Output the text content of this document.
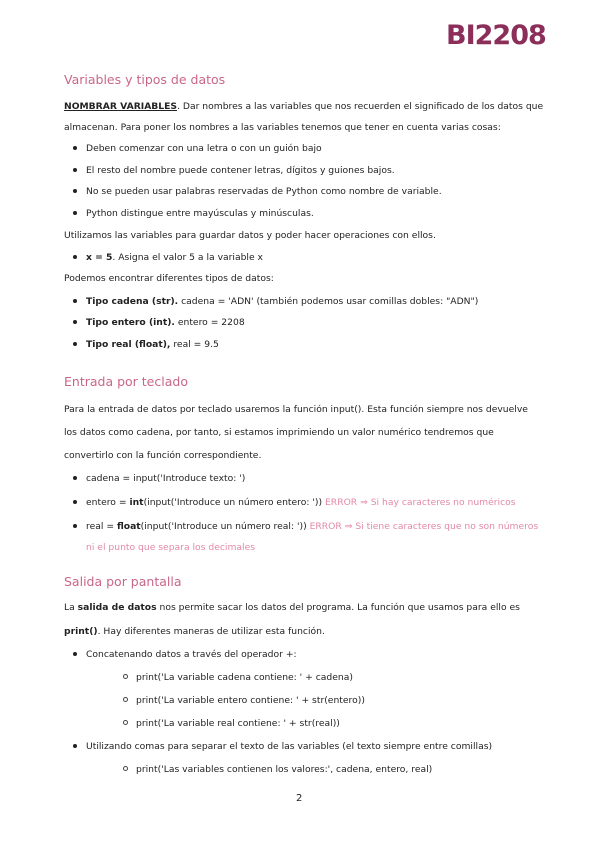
BI2208
Variables y tipos de datos
NOMBRAR VARIABLES. Dar nombres a las variables que nos recuerden el significado de los datos que
almacenan. Para poner los nombres a las variables tenemos que tener en cuenta varias cosas:
Deben comenzar con una letra o con un guión bajo
El resto del nombre puede contener letras, dígitos y guiones bajos.
No se pueden usar palabras reservadas de Python como nombre de variable.
Python distingue entre mayúsculas y minúsculas.
Utilizamos las variables para guardar datos y poder hacer operaciones con ellos.
x = 5. Asigna el valor 5 a la variable x
Podemos encontrar diferentes tipos de datos:
Tipo cadena (str). cadena = 'ADN' (también podemos usar comillas dobles: "ADN")
Tipo entero (int). entero = 2208
Tipo real (float), real = 9.5
Entrada por teclado
Para la entrada de datos por teclado usaremos la función input(). Esta función siempre nos devuelve
los datos como cadena, por tanto, si estamos imprimiendo un valor numérico tendremos que
convertirlo con la función correspondiente.
cadena = input('Introduce texto: ')
entero = int(input('Introduce un número entero: ')) ERROR ⇒ Si hay caracteres no numéricos
real = float(input('Introduce un número real: ')) ERROR ⇒ Si tiene caracteres que no son números
ni el punto que separa los decimales
Salida por pantalla
La salida de datos nos permite sacar los datos del programa. La función que usamos para ello es
print(). Hay diferentes maneras de utilizar esta función.
Concatenando datos a través del operador +:
print('La variable cadena contiene: ' + cadena)
print('La variable entero contiene: ' + str(entero))
print('La variable real contiene: ' + str(real))
Utilizando comas para separar el texto de las variables (el texto siempre entre comillas)
print('Las variables contienen los valores:', cadena, entero, real)
2
